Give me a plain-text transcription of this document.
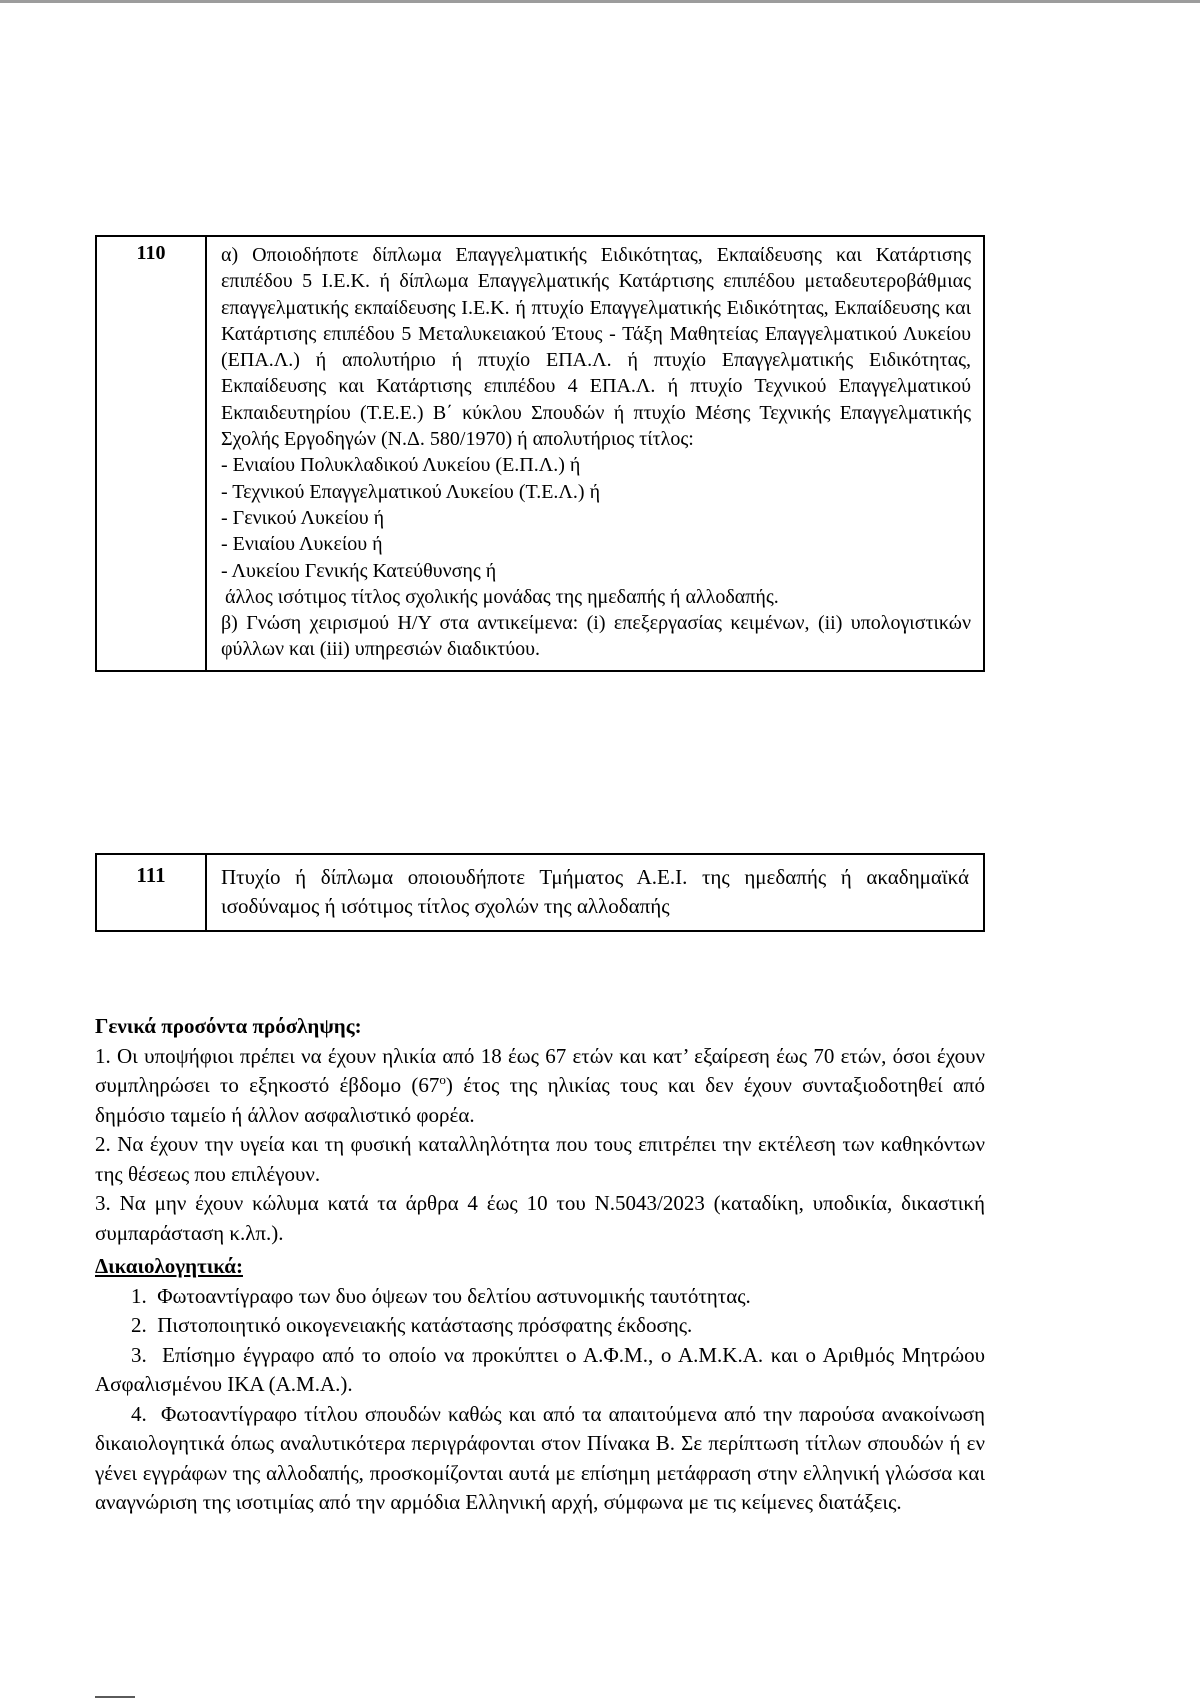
110	α) Οποιοδήποτε δίπλωμα Επαγγελματικής Ειδικότητας, Εκπαίδευσης και Κατάρτισης επιπέδου 5 Ι.Ε.Κ. ή δίπλωμα Επαγγελματικής Κατάρτισης επιπέδου μεταδευτεροβάθμιας επαγγελματικής εκπαίδευσης Ι.Ε.Κ. ή πτυχίο Επαγγελματικής Ειδικότητας, Εκπαίδευσης και Κατάρτισης επιπέδου 5 Μεταλυκειακού Έτους - Τάξη Μαθητείας Επαγγελματικού Λυκείου (ΕΠΑ.Λ.) ή απολυτήριο ή πτυχίο ΕΠΑ.Λ. ή πτυχίο Επαγγελματικής Ειδικότητας, Εκπαίδευσης και Κατάρτισης επιπέδου 4 ΕΠΑ.Λ. ή πτυχίο Τεχνικού Επαγγελματικού Εκπαιδευτηρίου (Τ.Ε.Ε.) Β΄ κύκλου Σπουδών ή πτυχίο Μέσης Τεχνικής Επαγγελματικής Σχολής Εργοδηγών (Ν.Δ. 580/1970) ή απολυτήριος τίτλος:

- Ενιαίου Πολυκλαδικού Λυκείου (Ε.Π.Λ.) ή

- Τεχνικού Επαγγελματικού Λυκείου (Τ.Ε.Λ.) ή

- Γενικού Λυκείου ή

- Ενιαίου Λυκείου ή

- Λυκείου Γενικής Κατεύθυνσης ή

άλλος ισότιμος τίτλος σχολικής μονάδας της ημεδαπής ή αλλοδαπής.

β) Γνώση χειρισμού Η/Υ στα αντικείμενα: (i) επεξεργασίας κειμένων, (ii) υπολογιστικών φύλλων και (iii) υπηρεσιών διαδικτύου.

111	Πτυχίο ή δίπλωμα οποιουδήποτε Τμήματος Α.Ε.Ι. της ημεδαπής ή ακαδημαϊκά ισοδύναμος ή ισότιμος τίτλος σχολών της αλλοδαπής

Γενικά προσόντα πρόσληψης:

1. Οι υποψήφιοι πρέπει να έχουν ηλικία από 18 έως 67 ετών και κατ’ εξαίρεση έως 70 ετών, όσοι έχουν συμπληρώσει το εξηκοστό έβδομο $(67^o)$ έτος της ηλικίας τους και δεν έχουν συνταξιοδοτηθεί από δημόσιο ταμείο ή άλλον ασφαλιστικό φορέα.

2. Να έχουν την υγεία και τη φυσική καταλληλότητα που τους επιτρέπει την εκτέλεση των καθηκόντων της θέσεως που επιλέγουν.

3. Να μην έχουν κώλυμα κατά τα άρθρα 4 έως 10 του Ν.5043/2023 (καταδίκη, υποδικία, δικαστική συμπαράσταση κ.λπ.).

Δικαιολογητικά:

1.  Φωτοαντίγραφο των δυο όψεων του δελτίου αστυνομικής ταυτότητας.

2.  Πιστοποιητικό οικογενειακής κατάστασης πρόσφατης έκδοσης.

3.  Επίσημο έγγραφο από το οποίο να προκύπτει ο Α.Φ.Μ., ο Α.Μ.Κ.Α. και ο Αριθμός Μητρώου Ασφαλισμένου ΙΚΑ (Α.Μ.Α.).

4.  Φωτοαντίγραφο τίτλου σπουδών καθώς και από τα απαιτούμενα από την παρούσα ανακοίνωση δικαιολογητικά όπως αναλυτικότερα περιγράφονται στον Πίνακα Β. Σε περίπτωση τίτλων σπουδών ή εν γένει εγγράφων της αλλοδαπής, προσκομίζονται αυτά με επίσημη μετάφραση στην ελληνική γλώσσα και αναγνώριση της ισοτιμίας από την αρμόδια Ελληνική αρχή, σύμφωνα με τις κείμενες διατάξεις.
